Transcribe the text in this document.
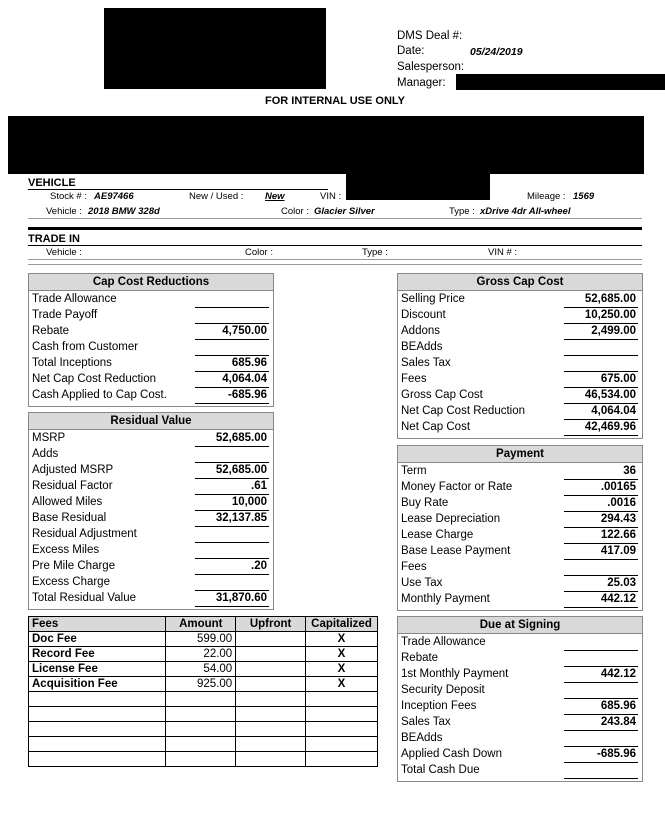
DMS Deal #:
Date:	05/24/2019
Salesperson:
Manager:
FOR INTERNAL USE ONLY
VEHICLE
Stock # : AE97466	New / Used : New	VIN :	Mileage : 1569
Vehicle : 2018 BMW 328d	Color : Glacier Silver	Type : xDrive 4dr All-wheel
TRADE IN
Vehicle :	Color :	Type :	VIN # :
Cap Cost Reductions
Trade Allowance
Trade Payoff
Rebate	4,750.00
Cash from Customer
Total Inceptions	685.96
Net Cap Cost Reduction	4,064.04
Cash Applied to Cap Cost.	-685.96
Residual Value
MSRP	52,685.00
Adds
Adjusted MSRP	52,685.00
Residual Factor	.61
Allowed Miles	10,000
Base Residual	32,137.85
Residual Adjustment
Excess Miles
Pre Mile Charge	.20
Excess Charge
Total Residual Value	31,870.60
Gross Cap Cost
Selling Price	52,685.00
Discount	10,250.00
Addons	2,499.00
BEAdds
Sales Tax
Fees	675.00
Gross Cap Cost	46,534.00
Net Cap Cost Reduction	4,064.04
Net Cap Cost	42,469.96
Payment
Term	36
Money Factor or Rate	.00165
Buy Rate	.0016
Lease Depreciation	294.43
Lease Charge	122.66
Base Lease Payment	417.09
Fees
Use Tax	25.03
Monthly Payment	442.12
Due at Signing
Trade Allowance
Rebate
1st Monthly Payment	442.12
Security Deposit
Inception Fees	685.96
Sales Tax	243.84
BEAdds
Applied Cash Down	-685.96
Total Cash Due
Fees	Amount	Upfront	Capitalized
Doc Fee	599.00		X
Record Fee	22.00		X
License Fee	54.00		X
Acquisition Fee	925.00		X
